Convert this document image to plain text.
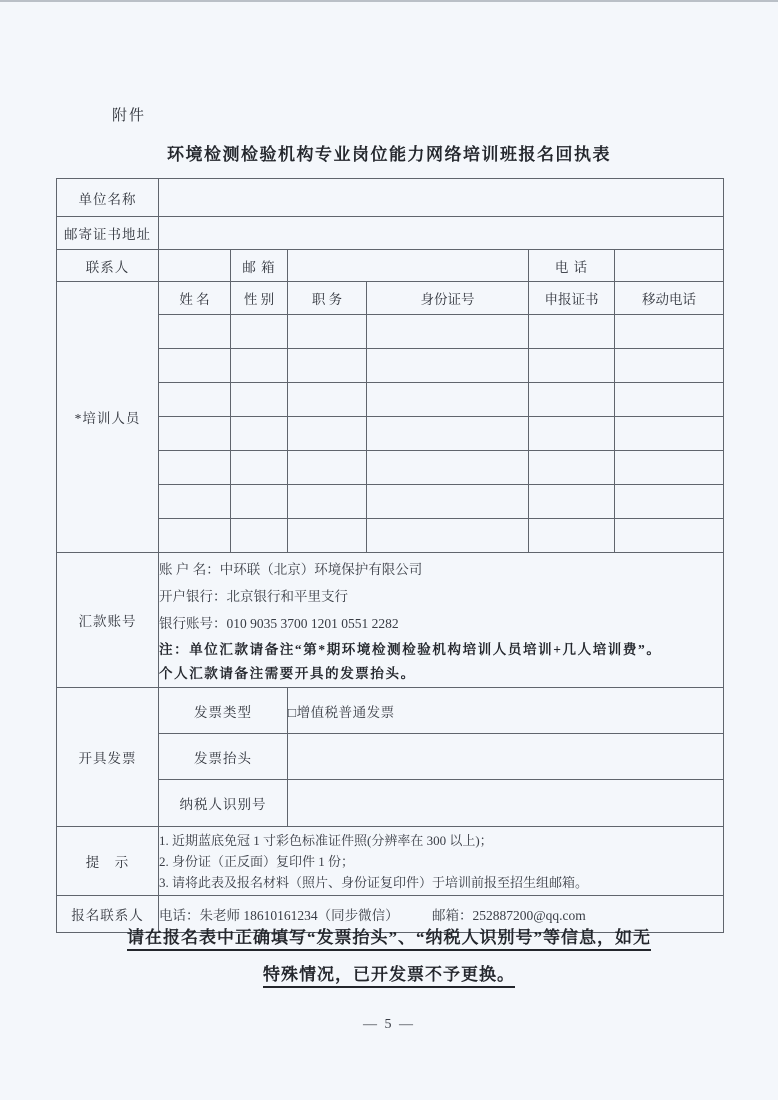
附件
环境检测检验机构专业岗位能力网络培训班报名回执表
单位名称						
邮寄证书地址						
联系人		邮 箱			电 话	
*培训人员	姓 名	性 别	职 务	身份证号	申报证书	移动电话

汇款账号	账 户 名：中环联（北京）环境保护有限公司
开户银行：北京银行和平里支行
银行账号：010 9035 3700 1201 0551 2282
注：单位汇款请备注“第*期环境检测检验机构培训人员培训+几人培训费”。
个人汇款请备注需要开具的发票抬头。					

开具发票	发票类型		□增值税普通发票			
	发票抬头					
	纳税人识别号					
提　示	1. 近期蓝底免冠 1 寸彩色标准证件照(分辨率在 300 以上)；
2. 身份证（正反面）复印件 1 份；
3. 请将此表及报名材料（照片、身份证复印件）于培训前报至招生组邮箱。					

报名联系人	电话：朱老师 18610161234（同步微信） 邮箱：252887200@qq.com					
请在报名表中正确填写“发票抬头”、“纳税人识别号”等信息，如无
特殊情况，已开发票不予更换。
— 5 —
